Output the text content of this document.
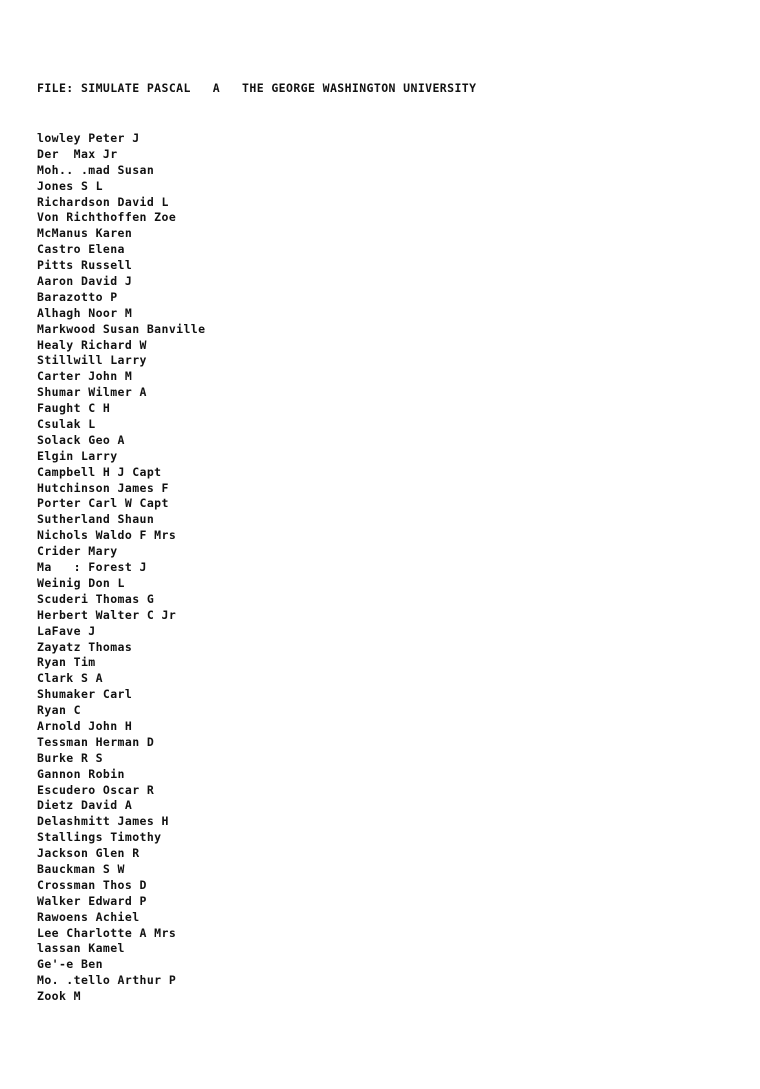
FILE: SIMULATE PASCAL   A   THE GEORGE WASHINGTON UNIVERSITY
lowley Peter J
Der  Max Jr
Moh.. .mad Susan
Jones S L
Richardson David L
Von Richthoffen Zoe
McManus Karen
Castro Elena
Pitts Russell
Aaron David J
Barazotto P
Alhagh Noor M
Markwood Susan Banville
Healy Richard W
Stillwill Larry
Carter John M
Shumar Wilmer A
Faught C H
Csulak L
Solack Geo A
Elgin Larry
Campbell H J Capt
Hutchinson James F
Porter Carl W Capt
Sutherland Shaun
Nichols Waldo F Mrs
Crider Mary
Ma   : Forest J
Weinig Don L
Scuderi Thomas G
Herbert Walter C Jr
LaFave J
Zayatz Thomas
Ryan Tim
Clark S A
Shumaker Carl
Ryan C
Arnold John H
Tessman Herman D
Burke R S
Gannon Robin
Escudero Oscar R
Dietz David A
Delashmitt James H
Stallings Timothy
Jackson Glen R
Bauckman S W
Crossman Thos D
Walker Edward P
Rawoens Achiel
Lee Charlotte A Mrs
lassan Kamel
Ge'-e Ben
Mo. .tello Arthur P
Zook M
